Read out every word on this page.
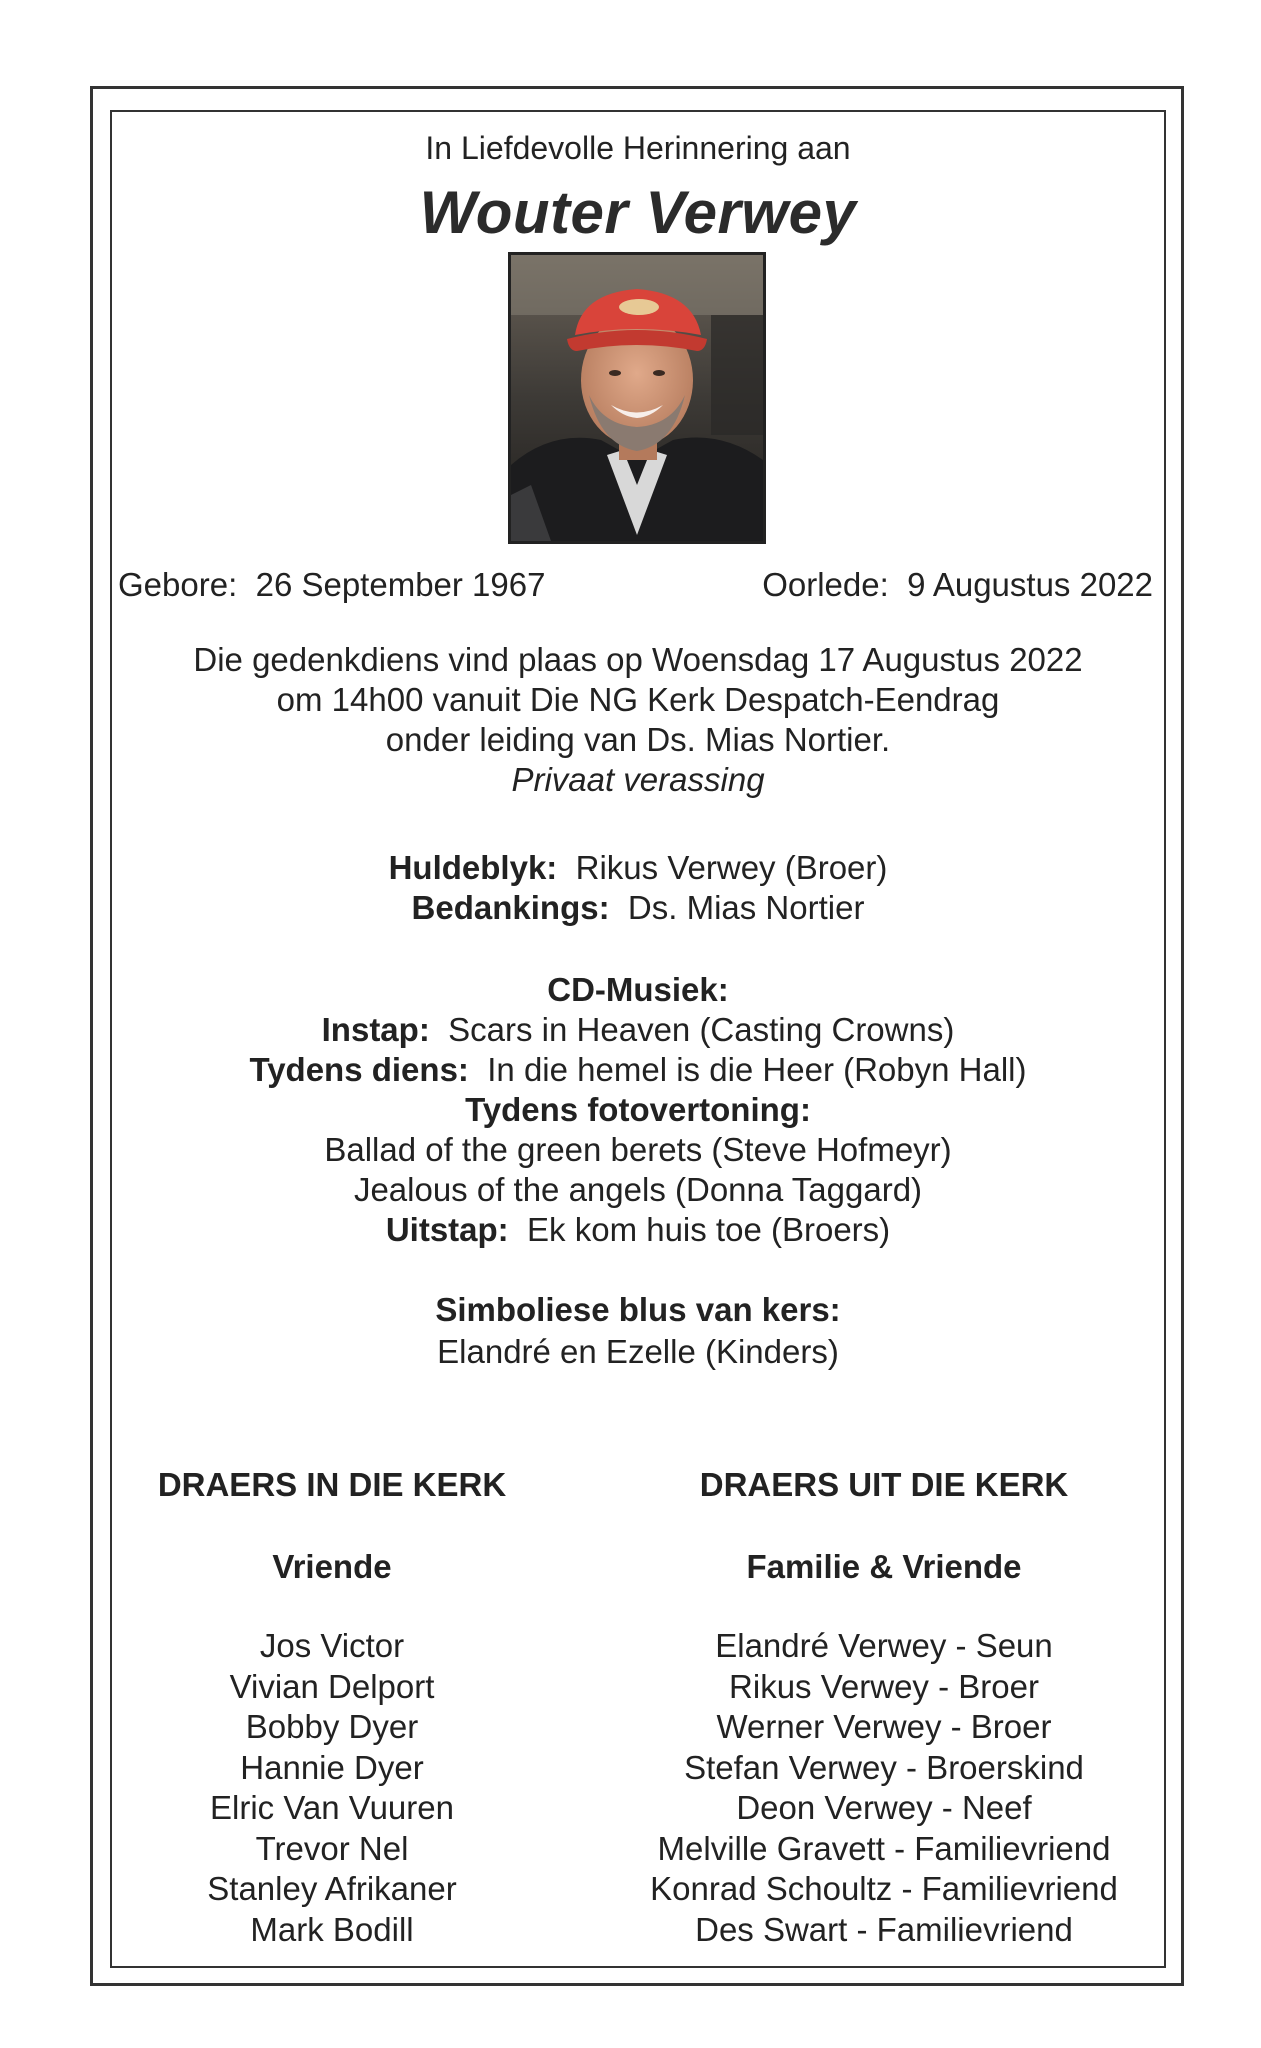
In Liefdevolle Herinnering aan
Wouter Verwey
Gebore: 26 September 1967	Oorlede: 9 Augustus 2022
Die gedenkdiens vind plaas op Woensdag 17 Augustus 2022
om 14h00 vanuit Die NG Kerk Despatch-Eendrag
onder leiding van Ds. Mias Nortier.
Privaat verassing
Huldeblyk: Rikus Verwey (Broer)
Bedankings: Ds. Mias Nortier
CD-Musiek:
Instap: Scars in Heaven (Casting Crowns)
Tydens diens: In die hemel is die Heer (Robyn Hall)
Tydens fotovertoning:
Ballad of the green berets (Steve Hofmeyr)
Jealous of the angels (Donna Taggard)
Uitstap: Ek kom huis toe (Broers)
Simboliese blus van kers:
Elandré en Ezelle (Kinders)
DRAERS IN DIE KERK
Vriende
Jos Victor
Vivian Delport
Bobby Dyer
Hannie Dyer
Elric Van Vuuren
Trevor Nel
Stanley Afrikaner
Mark Bodill
DRAERS UIT DIE KERK
Familie & Vriende
Elandré Verwey - Seun
Rikus Verwey - Broer
Werner Verwey - Broer
Stefan Verwey - Broerskind
Deon Verwey - Neef
Melville Gravett - Familievriend
Konrad Schoultz - Familievriend
Des Swart - Familievriend
